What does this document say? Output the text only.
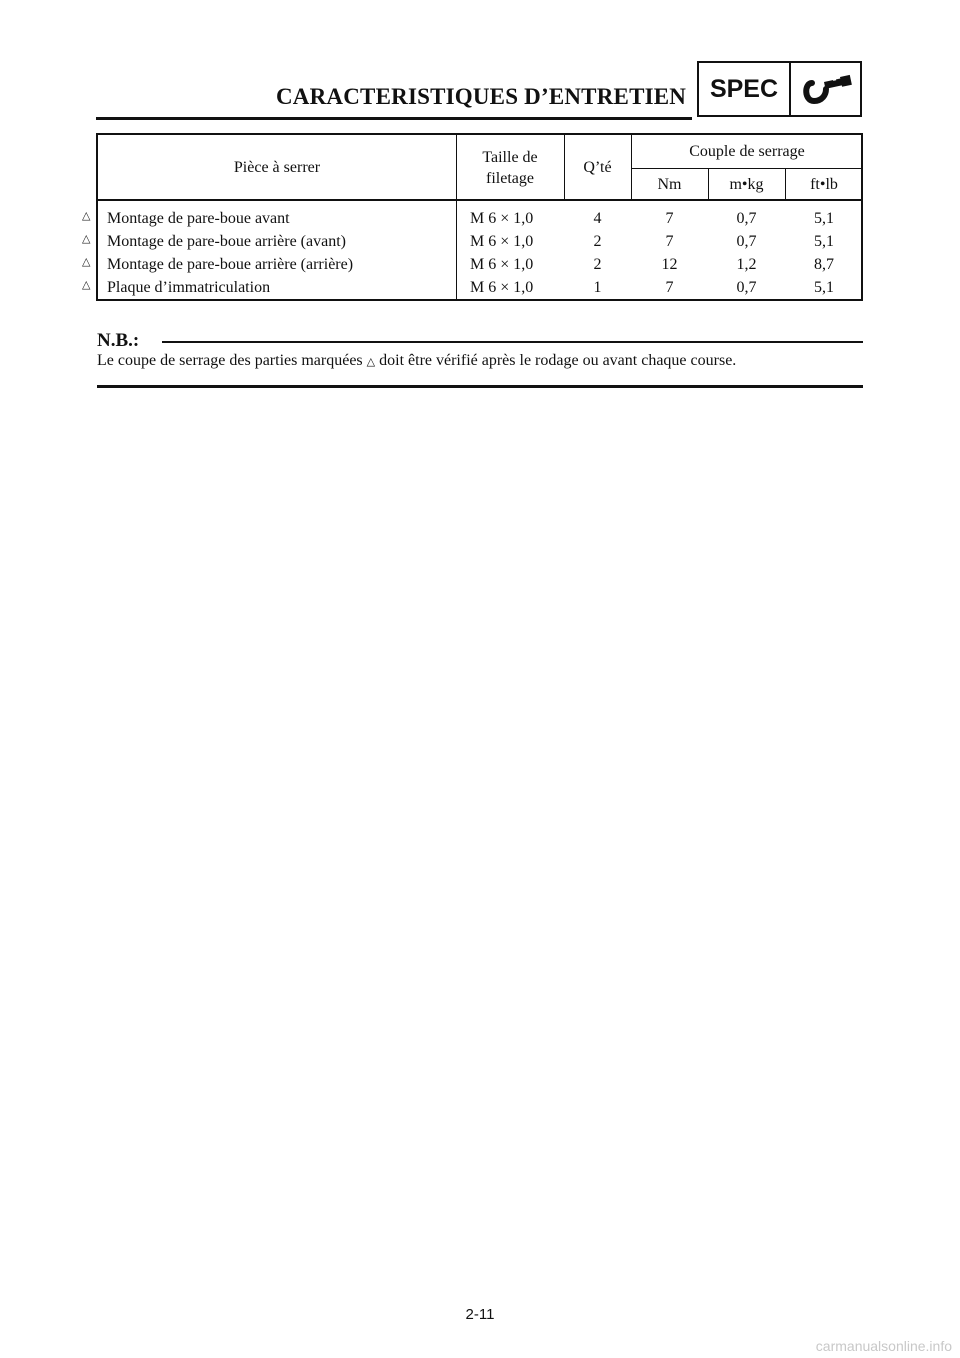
CARACTERISTIQUES D’ENTRETIEN SPEC
Pièce à serrer
Taille de
filetage
Q’té
Couple de serrage
Nm	m•kg	ft•lb
Montage de pare-boue avant	M 6 × 1,0	4	7	0,7	5,1
Montage de pare-boue arrière (avant)	M 6 × 1,0	2	7	0,7	5,1
Montage de pare-boue arrière (arrière)	M 6 × 1,0	2	12	1,2	8,7
Plaque d’immatriculation	M 6 × 1,0	1	7	0,7	5,1
△
△
△
△
N.B.:
Le coupe de serrage des parties marquées △ doit être vérifié après le rodage ou avant chaque course.
2-11
carmanualsonline.info
